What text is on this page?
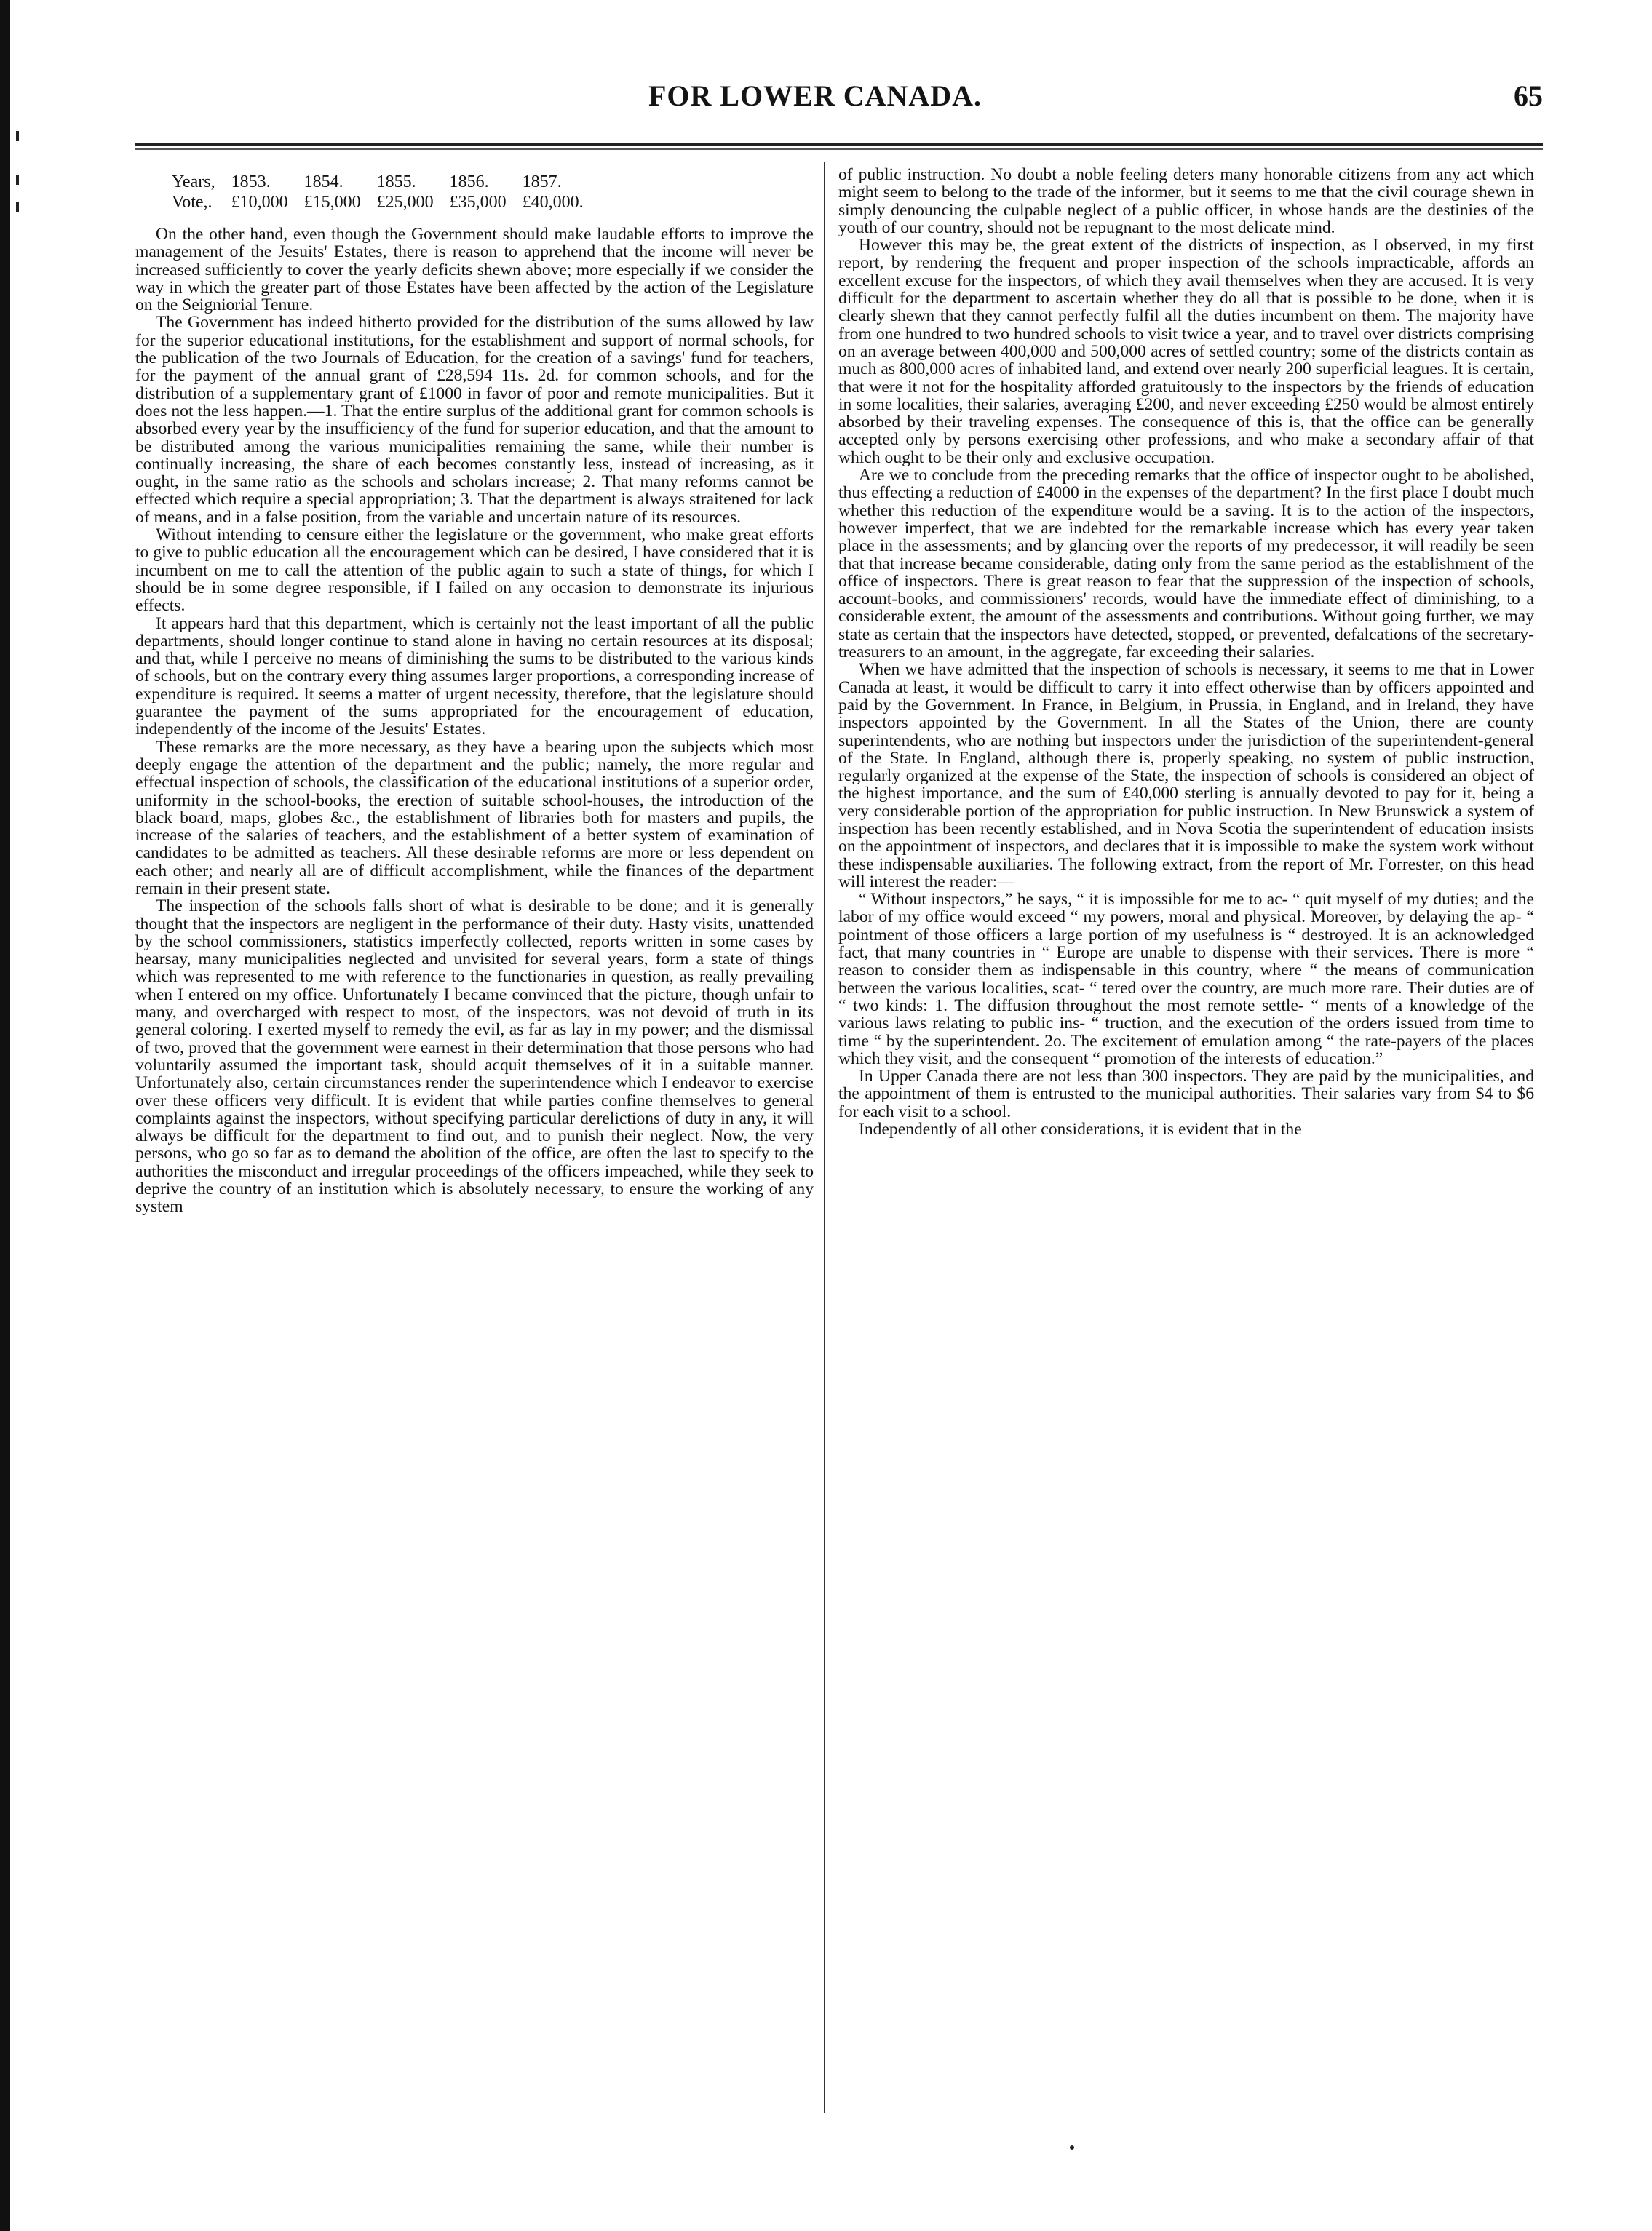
FOR LOWER CANADA.	65
Years,	1853.	1854.	1855.	1856.	1857.
Vote,.	£10,000	£15,000	£25,000	£35,000	£40,000.

On the other hand, even though the Government should make laudable efforts to improve the management of the Jesuits' Estates, there is reason to apprehend that the income will never be increased sufficiently to cover the yearly deficits shewn above; more especially if we consider the way in which the greater part of those Estates have been affected by the action of the Legislature on the Seigniorial Tenure.

The Government has indeed hitherto provided for the distribution of the sums allowed by law for the superior educational institutions, for the establishment and support of normal schools, for the publication of the two Journals of Education, for the creation of a savings' fund for teachers, for the payment of the annual grant of £28,594 11s. 2d. for common schools, and for the distribution of a supplementary grant of £1000 in favor of poor and remote municipalities. But it does not the less happen.—1. That the entire surplus of the additional grant for common schools is absorbed every year by the insufficiency of the fund for superior education, and that the amount to be distributed among the various municipalities remaining the same, while their number is continually increasing, the share of each becomes constantly less, instead of increasing, as it ought, in the same ratio as the schools and scholars increase; 2. That many reforms cannot be effected which require a special appropriation; 3. That the department is always straitened for lack of means, and in a false position, from the variable and uncertain nature of its resources.

Without intending to censure either the legislature or the government, who make great efforts to give to public education all the encouragement which can be desired, I have considered that it is incumbent on me to call the attention of the public again to such a state of things, for which I should be in some degree responsible, if I failed on any occasion to demonstrate its injurious effects.

It appears hard that this department, which is certainly not the least important of all the public departments, should longer continue to stand alone in having no certain resources at its disposal; and that, while I perceive no means of diminishing the sums to be distributed to the various kinds of schools, but on the contrary every thing assumes larger proportions, a corresponding increase of expenditure is required. It seems a matter of urgent necessity, therefore, that the legislature should guarantee the payment of the sums appropriated for the encouragement of education, independently of the income of the Jesuits' Estates.

These remarks are the more necessary, as they have a bearing upon the subjects which most deeply engage the attention of the department and the public; namely, the more regular and effectual inspection of schools, the classification of the educational institutions of a superior order, uniformity in the school-books, the erection of suitable school-houses, the introduction of the black board, maps, globes &c., the establishment of libraries both for masters and pupils, the increase of the salaries of teachers, and the establishment of a better system of examination of candidates to be admitted as teachers. All these desirable reforms are more or less dependent on each other; and nearly all are of difficult accomplishment, while the finances of the department remain in their present state.

The inspection of the schools falls short of what is desirable to be done; and it is generally thought that the inspectors are negligent in the performance of their duty. Hasty visits, unattended by the school commissioners, statistics imperfectly collected, reports written in some cases by hearsay, many municipalities neglected and unvisited for several years, form a state of things which was represented to me with reference to the functionaries in question, as really prevailing when I entered on my office. Unfortunately I became convinced that the picture, though unfair to many, and overcharged with respect to most, of the inspectors, was not devoid of truth in its general coloring. I exerted myself to remedy the evil, as far as lay in my power; and the dismissal of two, proved that the government were earnest in their determination that those persons who had voluntarily assumed the important task, should acquit themselves of it in a suitable manner. Unfortunately also, certain circumstances render the superintendence which I endeavor to exercise over these officers very difficult. It is evident that while parties confine themselves to general complaints against the inspectors, without specifying particular derelictions of duty in any, it will always be difficult for the department to find out, and to punish their neglect. Now, the very persons, who go so far as to demand the abolition of the office, are often the last to specify to the authorities the misconduct and irregular proceedings of the officers impeached, while they seek to deprive the country of an institution which is absolutely necessary, to ensure the working of any system

of public instruction. No doubt a noble feeling deters many honorable citizens from any act which might seem to belong to the trade of the informer, but it seems to me that the civil courage shewn in simply denouncing the culpable neglect of a public officer, in whose hands are the destinies of the youth of our country, should not be repugnant to the most delicate mind.

However this may be, the great extent of the districts of inspection, as I observed, in my first report, by rendering the frequent and proper inspection of the schools impracticable, affords an excellent excuse for the inspectors, of which they avail themselves when they are accused. It is very difficult for the department to ascertain whether they do all that is possible to be done, when it is clearly shewn that they cannot perfectly fulfil all the duties incumbent on them. The majority have from one hundred to two hundred schools to visit twice a year, and to travel over districts comprising on an average between 400,000 and 500,000 acres of settled country; some of the districts contain as much as 800,000 acres of inhabited land, and extend over nearly 200 superficial leagues. It is certain, that were it not for the hospitality afforded gratuitously to the inspectors by the friends of education in some localities, their salaries, averaging £200, and never exceeding £250 would be almost entirely absorbed by their traveling expenses. The consequence of this is, that the office can be generally accepted only by persons exercising other professions, and who make a secondary affair of that which ought to be their only and exclusive occupation.

Are we to conclude from the preceding remarks that the office of inspector ought to be abolished, thus effecting a reduction of £4000 in the expenses of the department? In the first place I doubt much whether this reduction of the expenditure would be a saving. It is to the action of the inspectors, however imperfect, that we are indebted for the remarkable increase which has every year taken place in the assessments; and by glancing over the reports of my predecessor, it will readily be seen that that increase became considerable, dating only from the same period as the establishment of the office of inspectors. There is great reason to fear that the suppression of the inspection of schools, account-books, and commissioners' records, would have the immediate effect of diminishing, to a considerable extent, the amount of the assessments and contributions. Without going further, we may state as certain that the inspectors have detected, stopped, or prevented, defalcations of the secretary-treasurers to an amount, in the aggregate, far exceeding their salaries.

When we have admitted that the inspection of schools is necessary, it seems to me that in Lower Canada at least, it would be difficult to carry it into effect otherwise than by officers appointed and paid by the Government. In France, in Belgium, in Prussia, in England, and in Ireland, they have inspectors appointed by the Government. In all the States of the Union, there are county superintendents, who are nothing but inspectors under the jurisdiction of the superintendent-general of the State. In England, although there is, properly speaking, no system of public instruction, regularly organized at the expense of the State, the inspection of schools is considered an object of the highest importance, and the sum of £40,000 sterling is annually devoted to pay for it, being a very considerable portion of the appropriation for public instruction. In New Brunswick a system of inspection has been recently established, and in Nova Scotia the superintendent of education insists on the appointment of inspectors, and declares that it is impossible to make the system work without these indispensable auxiliaries. The following extract, from the report of Mr. Forrester, on this head will interest the reader:—

“ Without inspectors,” he says, “ it is impossible for me to ac- “ quit myself of my duties; and the labor of my office would exceed “ my powers, moral and physical. Moreover, by delaying the ap- “ pointment of those officers a large portion of my usefulness is “ destroyed. It is an acknowledged fact, that many countries in “ Europe are unable to dispense with their services. There is more “ reason to consider them as indispensable in this country, where “ the means of communication between the various localities, scat- “ tered over the country, are much more rare. Their duties are of “ two kinds: 1. The diffusion throughout the most remote settle- “ ments of a knowledge of the various laws relating to public ins- “ truction, and the execution of the orders issued from time to time “ by the superintendent. 2o. The excitement of emulation among “ the rate-payers of the places which they visit, and the consequent “ promotion of the interests of education.”

In Upper Canada there are not less than 300 inspectors. They are paid by the municipalities, and the appointment of them is entrusted to the municipal authorities. Their salaries vary from $4 to $6 for each visit to a school.

Independently of all other considerations, it is evident that in the
